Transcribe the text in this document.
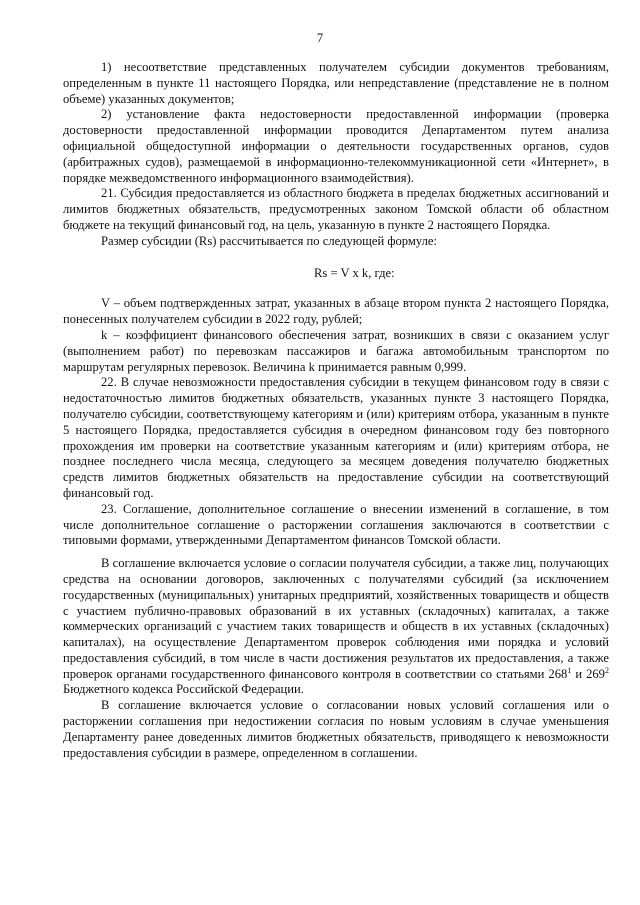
7

1) несоответствие представленных получателем субсидии документов требованиям, определенным в пункте 11 настоящего Порядка, или непредставление (представление не в полном объеме) указанных документов;

2) установление факта недостоверности предоставленной информации (проверка достоверности предоставленной информации проводится Департаментом путем анализа официальной общедоступной информации о деятельности государственных органов, судов (арбитражных судов), размещаемой в информационно-телекоммуникационной сети «Интернет», в порядке межведомственного информационного взаимодействия).

21. Субсидия предоставляется из областного бюджета в пределах бюджетных ассигнований и лимитов бюджетных обязательств, предусмотренных законом Томской области об областном бюджете на текущий финансовый год, на цель, указанную в пункте 2 настоящего Порядка.

Размер субсидии (Rs) рассчитывается по следующей формуле:

Rs = V x k, где:

V – объем подтвержденных затрат, указанных в абзаце втором пункта 2 настоящего Порядка, понесенных получателем субсидии в 2022 году, рублей;

k – коэффициент финансового обеспечения затрат, возникших в связи с оказанием услуг (выполнением работ) по перевозкам пассажиров и багажа автомобильным транспортом по маршрутам регулярных перевозок. Величина k принимается равным 0,999.

22. В случае невозможности предоставления субсидии в текущем финансовом году в связи с недостаточностью лимитов бюджетных обязательств, указанных пункте 3 настоящего Порядка, получателю субсидии, соответствующему категориям и (или) критериям отбора, указанным в пункте 5 настоящего Порядка, предоставляется субсидия в очередном финансовом году без повторного прохождения им проверки на соответствие указанным категориям и (или) критериям отбора, не позднее последнего числа месяца, следующего за месяцем доведения получателю бюджетных средств лимитов бюджетных обязательств на предоставление субсидии на соответствующий финансовый год.

23. Соглашение, дополнительное соглашение о внесении изменений в соглашение, в том числе дополнительное соглашение о расторжении соглашения заключаются в соответствии с типовыми формами, утвержденными Департаментом финансов Томской области.

В соглашение включается условие о согласии получателя субсидии, а также лиц, получающих средства на основании договоров, заключенных с получателями субсидий (за исключением государственных (муниципальных) унитарных предприятий, хозяйственных товариществ и обществ с участием публично-правовых образований в их уставных (складочных) капиталах, а также коммерческих организаций с участием таких товариществ и обществ в их уставных (складочных) капиталах), на осуществление Департаментом проверок соблюдения ими порядка и условий предоставления субсидий, в том числе в части достижения результатов их предоставления, а также проверок органами государственного финансового контроля в соответствии со статьями $268^1$ и $269^2$ Бюджетного кодекса Российской Федерации.

В соглашение включается условие о согласовании новых условий соглашения или о расторжении соглашения при недостижении согласия по новым условиям в случае уменьшения Департаменту ранее доведенных лимитов бюджетных обязательств, приводящего к невозможности предоставления субсидии в размере, определенном в соглашении.
